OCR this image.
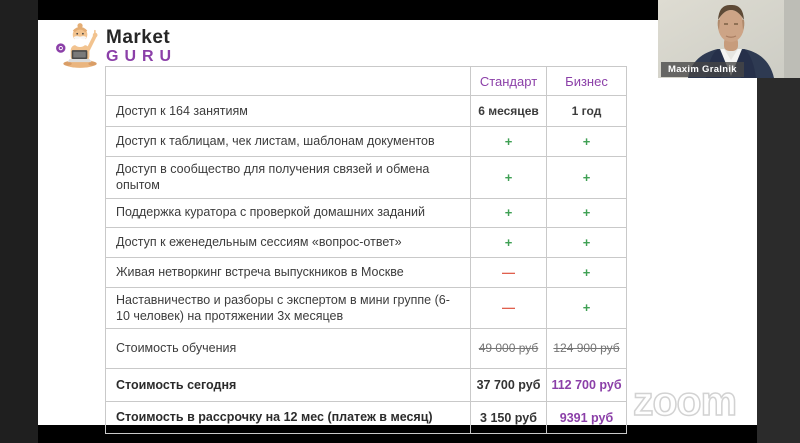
Market
GURU
	Стандарт	Бизнес
Доступ к 164 занятиям	6 месяцев	1 год
Доступ к таблицам, чек листам, шаблонам документов	+	+
Доступ в сообщество для получения связей и обмена опытом	+	+
Поддержка куратора с проверкой домашних заданий	+	+
Доступ к еженедельным сессиям «вопрос-ответ»	+	+
Живая нетворкинг встреча выпускников в Москве	—	+
Наставничество и разборы с экспертом в мини группе (6-10 человек) на протяжении 3х месяцев	—	+
Стоимость обучения	49 000 руб	124 900 руб
Стоимость сегодня	37 700 руб	112 700 руб
Стоимость в рассрочку на 12 мес (платеж в месяц)	3 150 руб	9391 руб zoom
Maxim Gralnik
